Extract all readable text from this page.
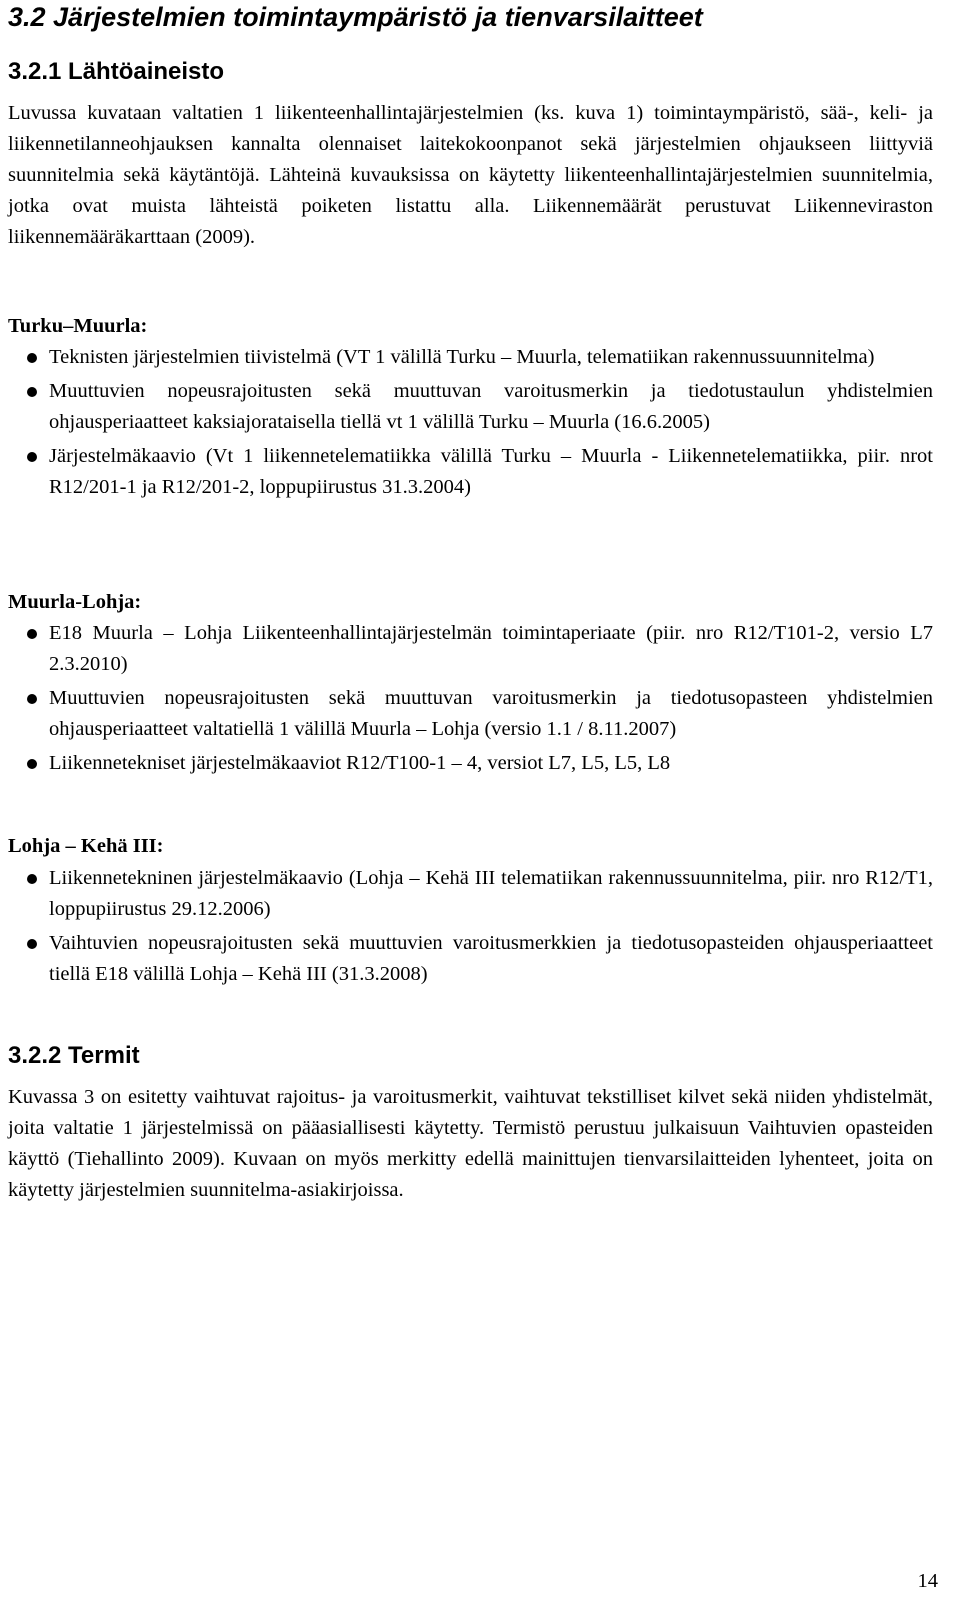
3.2 Järjestelmien toimintaympäristö ja tienvarsilaitteet
3.2.1 Lähtöaineisto

Luvussa kuvataan valtatien 1 liikenteenhallintajärjestelmien (ks. kuva 1) toimintaympäristö, sää-, keli- ja liikennetilanneohjauksen kannalta olennaiset laitekokoonpanot sekä järjestelmien ohjaukseen liittyviä suunnitelmia sekä käytäntöjä. Lähteinä kuvauksissa on käytetty liikenteenhallintajärjestelmien suunnitelmia, jotka ovat muista lähteistä poiketen listattu alla. Liikennemäärät perustuvat Liikenneviraston liikennemääräkarttaan (2009).

Turku–Muurla:
Teknisten järjestelmien tiivistelmä (VT 1 välillä Turku – Muurla, telematiikan rakennussuunnitelma)
Muuttuvien nopeusrajoitusten sekä muuttuvan varoitusmerkin ja tiedotustaulun yhdistelmien ohjausperiaatteet kaksiajorataisella tiellä vt 1 välillä Turku – Muurla (16.6.2005)
Järjestelmäkaavio (Vt 1 liikennetelematiikka välillä Turku – Muurla - Liikennetelematiikka, piir. nrot R12/201-1 ja R12/201-2, loppupiirustus 31.3.2004)
Muurla-Lohja:
E18 Muurla – Lohja Liikenteenhallintajärjestelmän toimintaperiaate (piir. nro R12/T101-2, versio L7 2.3.2010)
Muuttuvien nopeusrajoitusten sekä muuttuvan varoitusmerkin ja tiedotusopasteen yhdistelmien ohjausperiaatteet valtatiellä 1 välillä Muurla – Lohja (versio 1.1 / 8.11.2007)
Liikennetekniset järjestelmäkaaviot R12/T100-1 – 4, versiot L7, L5, L5, L8
Lohja – Kehä III:
Liikennetekninen järjestelmäkaavio (Lohja – Kehä III telematiikan rakennussuunnitelma, piir. nro R12/T1, loppupiirustus 29.12.2006)
Vaihtuvien nopeusrajoitusten sekä muuttuvien varoitusmerkkien ja tiedotusopasteiden ohjausperiaatteet tiellä E18 välillä Lohja – Kehä III (31.3.2008)
3.2.2 Termit

Kuvassa 3 on esitetty vaihtuvat rajoitus- ja varoitusmerkit, vaihtuvat tekstilliset kilvet sekä niiden yhdistelmät, joita valtatie 1 järjestelmissä on pääasiallisesti käytetty. Termistö perustuu julkaisuun Vaihtuvien opasteiden käyttö (Tiehallinto 2009). Kuvaan on myös merkitty edellä mainittujen tienvarsilaitteiden lyhenteet, joita on käytetty järjestelmien suunnitelma-asiakirjoissa.

14
